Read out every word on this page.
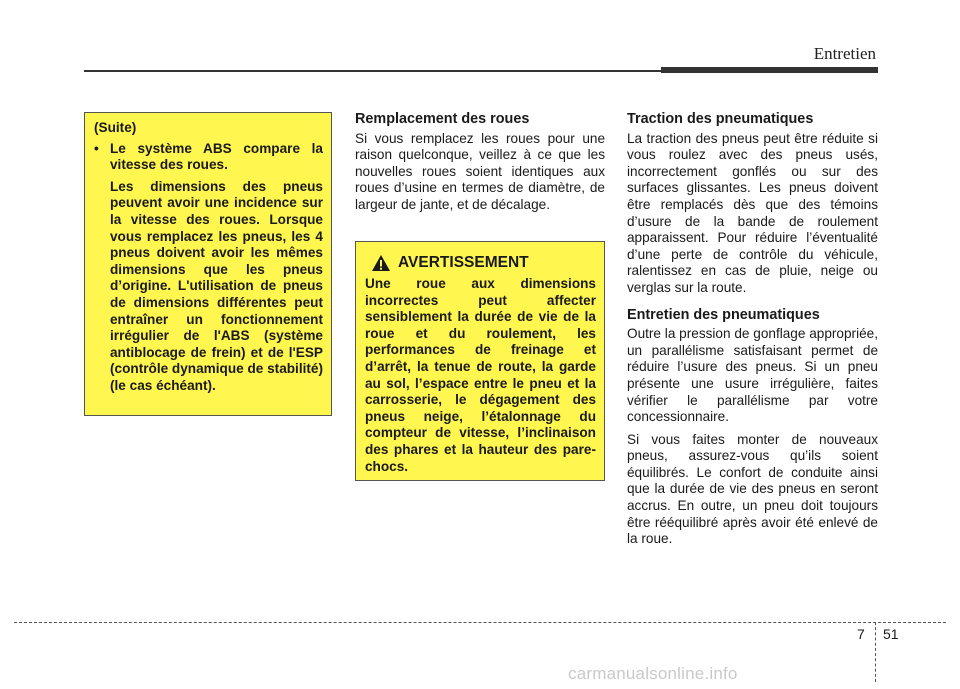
Entretien
(Suite)
• Le système ABS compare la vitesse des roues.
Les dimensions des pneus peuvent avoir une incidence sur la vitesse des roues. Lorsque vous remplacez les pneus, les 4 pneus doivent avoir les mêmes dimensions que les pneus d’origine. L'utilisation de pneus de dimensions différentes peut entraîner un fonctionnement irrégulier de l'ABS (système antiblocage de frein) et de l'ESP (contrôle dynamique de stabilité) (le cas échéant).
Remplacement des roues

Si vous remplacez les roues pour une raison quelconque, veillez à ce que les nouvelles roues soient identiques aux roues d’usine en termes de diamètre, de largeur de jante, et de décalage.

AVERTISSEMENT
Une roue aux dimensions incorrectes peut affecter sensiblement la durée de vie de la roue et du roulement, les performances de freinage et d’arrêt, la tenue de route, la garde au sol, l’espace entre le pneu et la carrosserie, le dégagement des pneus neige, l’étalonnage du compteur de vitesse, l’inclinaison des phares et la hauteur des pare-chocs.
Traction des pneumatiques

La traction des pneus peut être réduite si vous roulez avec des pneus usés, incorrectement gonflés ou sur des surfaces glissantes. Les pneus doivent être remplacés dès que des témoins d’usure de la bande de roulement apparaissent. Pour réduire l’éventualité d’une perte de contrôle du véhicule, ralentissez en cas de pluie, neige ou verglas sur la route.

Entretien des pneumatiques

Outre la pression de gonflage appropriée, un parallélisme satisfaisant permet de réduire l’usure des pneus. Si un pneu présente une usure irrégulière, faites vérifier le parallélisme par votre concessionnaire.

Si vous faites monter de nouveaux pneus, assurez-vous qu’ils soient équilibrés. Le confort de conduite ainsi que la durée de vie des pneus en seront accrus. En outre, un pneu doit toujours être rééquilibré après avoir été enlevé de la roue.

7 51
carmanualsonline.info
